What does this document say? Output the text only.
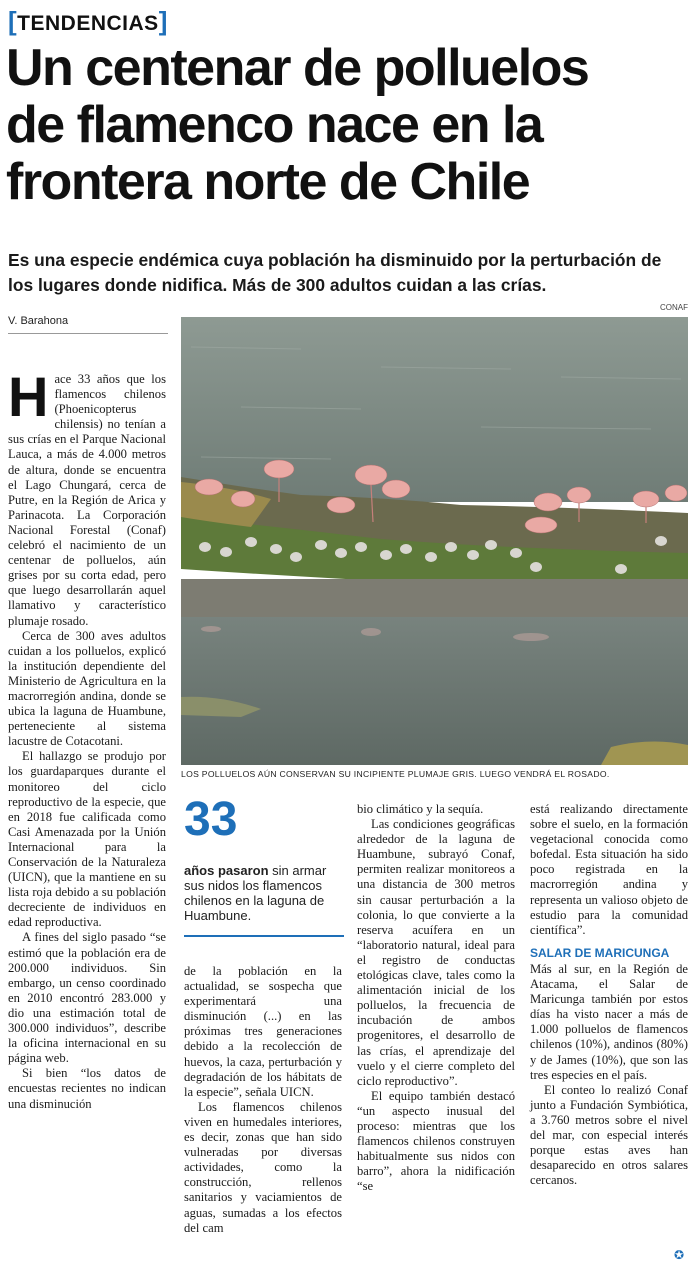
[TENDENCIAS]
Un centenar de polluelos
de flamenco nace en la
frontera norte de Chile
Es una especie endémica cuya población ha disminuido por la perturbación de
los lugares donde nidifica. Más de 300 adultos cuidan a las crías.
V. Barahona
CONAF
LOS POLLUELOS AÚN CONSERVAN SU INCIPIENTE PLUMAJE GRIS. LUEGO VENDRÁ EL ROSADO.

Hace 33 años que los flamencos chilenos (Phoenicopterus chilensis) no tenían a sus crías en el Parque Nacional Lauca, a más de 4.000 metros de altura, donde se encuentra el Lago Chungará, cerca de Putre, en la Región de Arica y Parinacota. La Corporación Nacional Forestal (Conaf) celebró el nacimiento de un centenar de polluelos, aún grises por su corta edad, pero que luego desarrollarán aquel llamativo y característico plumaje rosado.

Cerca de 300 aves adultos cuidan a los polluelos, explicó la institución dependiente del Ministerio de Agricultura en la macrorregión andina, donde se ubica la laguna de Huambune, perteneciente al sistema lacustre de Cotacotani.

El hallazgo se produjo por los guardaparques durante el monitoreo del ciclo reproductivo de la especie, que en 2018 fue calificada como Casi Amenazada por la Unión Internacional para la Conservación de la Naturaleza (UICN), que la mantiene en su lista roja debido a su población decreciente de individuos en edad reproductiva.

A fines del siglo pasado “se estimó que la población era de 200.000 individuos. Sin embargo, un censo coordinado en 2010 encontró 283.000 y dio una estimación total de 300.000 individuos”, describe la oficina internacional en su página web.

Si bien “los datos de encuestas recientes no indican una disminución

33
años pasaron sin armar sus nidos los flamencos chilenos en la laguna de Huambune.

de la población en la actualidad, se sospecha que experimentará una disminución (...) en las próximas tres generaciones debido a la recolección de huevos, la caza, perturbación y degradación de los hábitats de la especie”, señala UICN.

Los flamencos chilenos viven en humedales interiores, es decir, zonas que han sido vulneradas por diversas actividades, como la construcción, rellenos sanitarios y vaciamientos de aguas, sumadas a los efectos del cam

bio climático y la sequía.

Las condiciones geográficas alrededor de la laguna de Huambune, subrayó Conaf, permiten realizar monitoreos a una distancia de 300 metros sin causar perturbación a la colonia, lo que convierte a la reserva acuífera en un “laboratorio natural, ideal para el registro de conductas etológicas clave, tales como la alimentación inicial de los polluelos, la frecuencia de incubación de ambos progenitores, el desarrollo de las crías, el aprendizaje del vuelo y el cierre completo del ciclo reproductivo”.

El equipo también destacó “un aspecto inusual del proceso: mientras que los flamencos chilenos construyen habitualmente sus nidos con barro”, ahora la nidificación “se

está realizando directamente sobre el suelo, en la formación vegetacional conocida como bofedal. Esta situación ha sido poco registrada en la macrorregión andina y representa un valioso objeto de estudio para la comunidad científica”.

SALAR DE MARICUNGA

Más al sur, en la Región de Atacama, el Salar de Maricunga también por estos días ha visto nacer a más de 1.000 polluelos de flamencos chilenos (10%), andinos (80%) y de James (10%), que son las tres especies en el país.

El conteo lo realizó Conaf junto a Fundación Symbiótica, a 3.760 metros sobre el nivel del mar, con especial interés porque estas aves han desaparecido en otros salares cercanos.

✪
